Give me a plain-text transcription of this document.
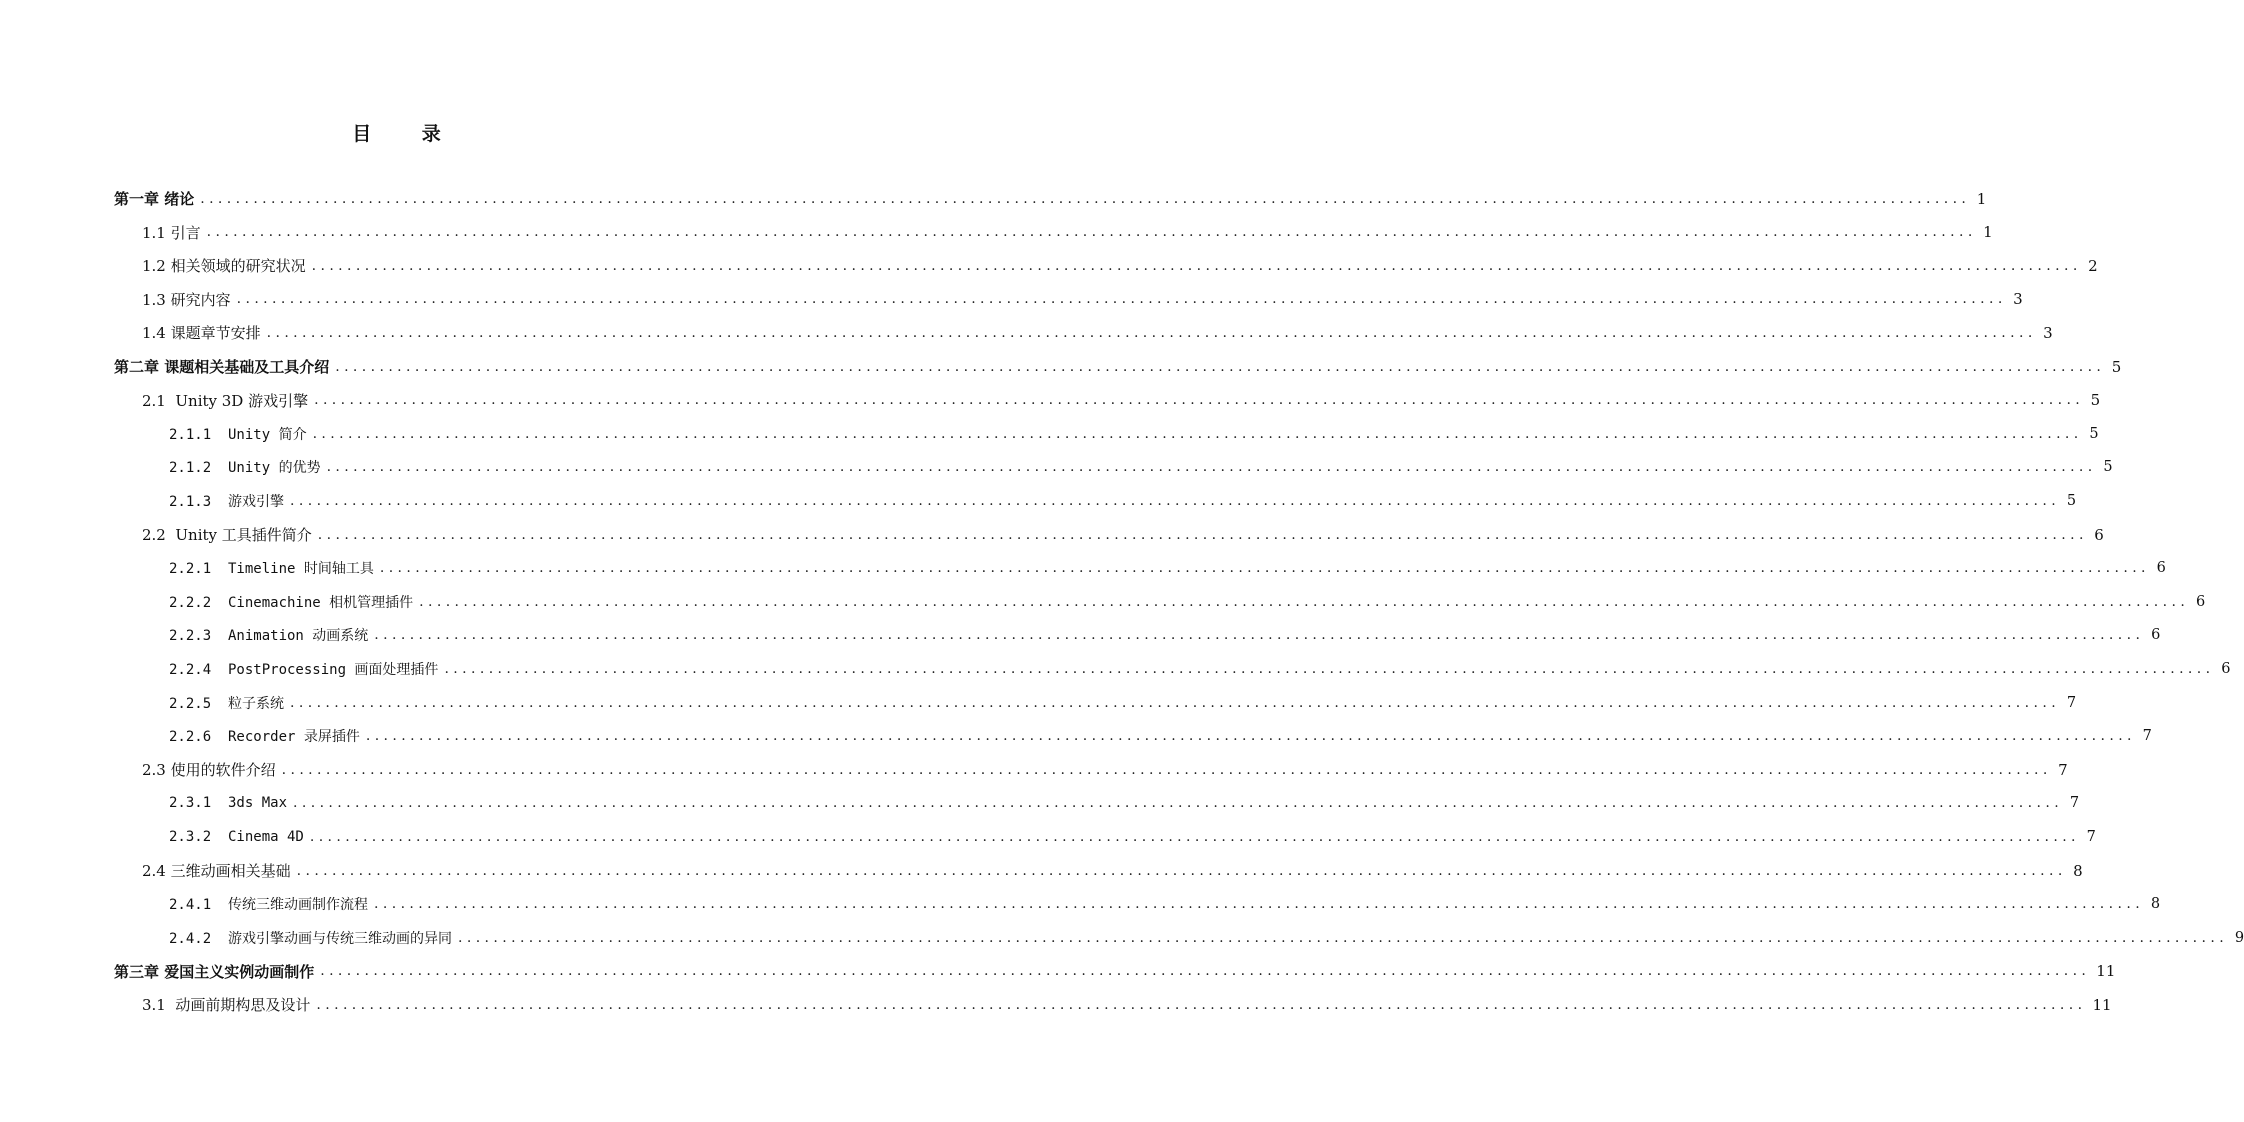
目 录
第一章 绪论 ........................................................................................................................................................................................................ 1
1.1 引言 ........................................................................................................................................................................................................ 1
1.2 相关领域的研究状况 ........................................................................................................................................................................................................ 2
1.3 研究内容 ........................................................................................................................................................................................................ 3
1.4 课题章节安排 ........................................................................................................................................................................................................ 3
第二章 课题相关基础及工具介绍 ........................................................................................................................................................................................................ 5
2.1  Unity 3D 游戏引擎 ........................................................................................................................................................................................................ 5
2.1.1  Unity 简介 ........................................................................................................................................................................................................ 5
2.1.2  Unity 的优势 ........................................................................................................................................................................................................ 5
2.1.3  游戏引擎 ........................................................................................................................................................................................................ 5
2.2  Unity 工具插件简介 ........................................................................................................................................................................................................ 6
2.2.1  Timeline 时间轴工具 ........................................................................................................................................................................................................ 6
2.2.2  Cinemachine 相机管理插件 ........................................................................................................................................................................................................ 6
2.2.3  Animation 动画系统 ........................................................................................................................................................................................................ 6
2.2.4  PostProcessing 画面处理插件 ........................................................................................................................................................................................................ 6
2.2.5  粒子系统 ........................................................................................................................................................................................................ 7
2.2.6  Recorder 录屏插件 ........................................................................................................................................................................................................ 7
2.3 使用的软件介绍 ........................................................................................................................................................................................................ 7
2.3.1  3ds Max ........................................................................................................................................................................................................ 7
2.3.2  Cinema 4D ........................................................................................................................................................................................................ 7
2.4 三维动画相关基础 ........................................................................................................................................................................................................ 8
2.4.1  传统三维动画制作流程 ........................................................................................................................................................................................................ 8
2.4.2  游戏引擎动画与传统三维动画的异同 ........................................................................................................................................................................................................ 9
第三章 爱国主义实例动画制作 ........................................................................................................................................................................................................ 11
3.1  动画前期构思及设计 ........................................................................................................................................................................................................ 11
